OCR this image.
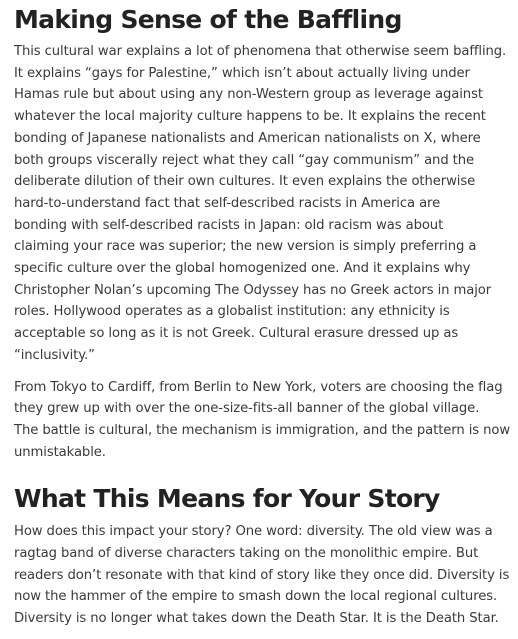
Making Sense of the Baffling

This cultural war explains a lot of phenomena that otherwise seem baffling.
It explains “gays for Palestine,” which isn’t about actually living under
Hamas rule but about using any non-Western group as leverage against
whatever the local majority culture happens to be. It explains the recent
bonding of Japanese nationalists and American nationalists on X, where
both groups viscerally reject what they call “gay communism” and the
deliberate dilution of their own cultures. It even explains the otherwise
hard-to-understand fact that self-described racists in America are
bonding with self-described racists in Japan: old racism was about
claiming your race was superior; the new version is simply preferring a
specific culture over the global homogenized one. And it explains why
Christopher Nolan’s upcoming The Odyssey has no Greek actors in major
roles. Hollywood operates as a globalist institution: any ethnicity is
acceptable so long as it is not Greek. Cultural erasure dressed up as
“inclusivity.”

From Tokyo to Cardiff, from Berlin to New York, voters are choosing the flag
they grew up with over the one-size-fits-all banner of the global village.
The battle is cultural, the mechanism is immigration, and the pattern is now
unmistakable.

What This Means for Your Story

How does this impact your story? One word: diversity. The old view was a
ragtag band of diverse characters taking on the monolithic empire. But
readers don’t resonate with that kind of story like they once did. Diversity is
now the hammer of the empire to smash down the local regional cultures.
Diversity is no longer what takes down the Death Star. It is the Death Star.
